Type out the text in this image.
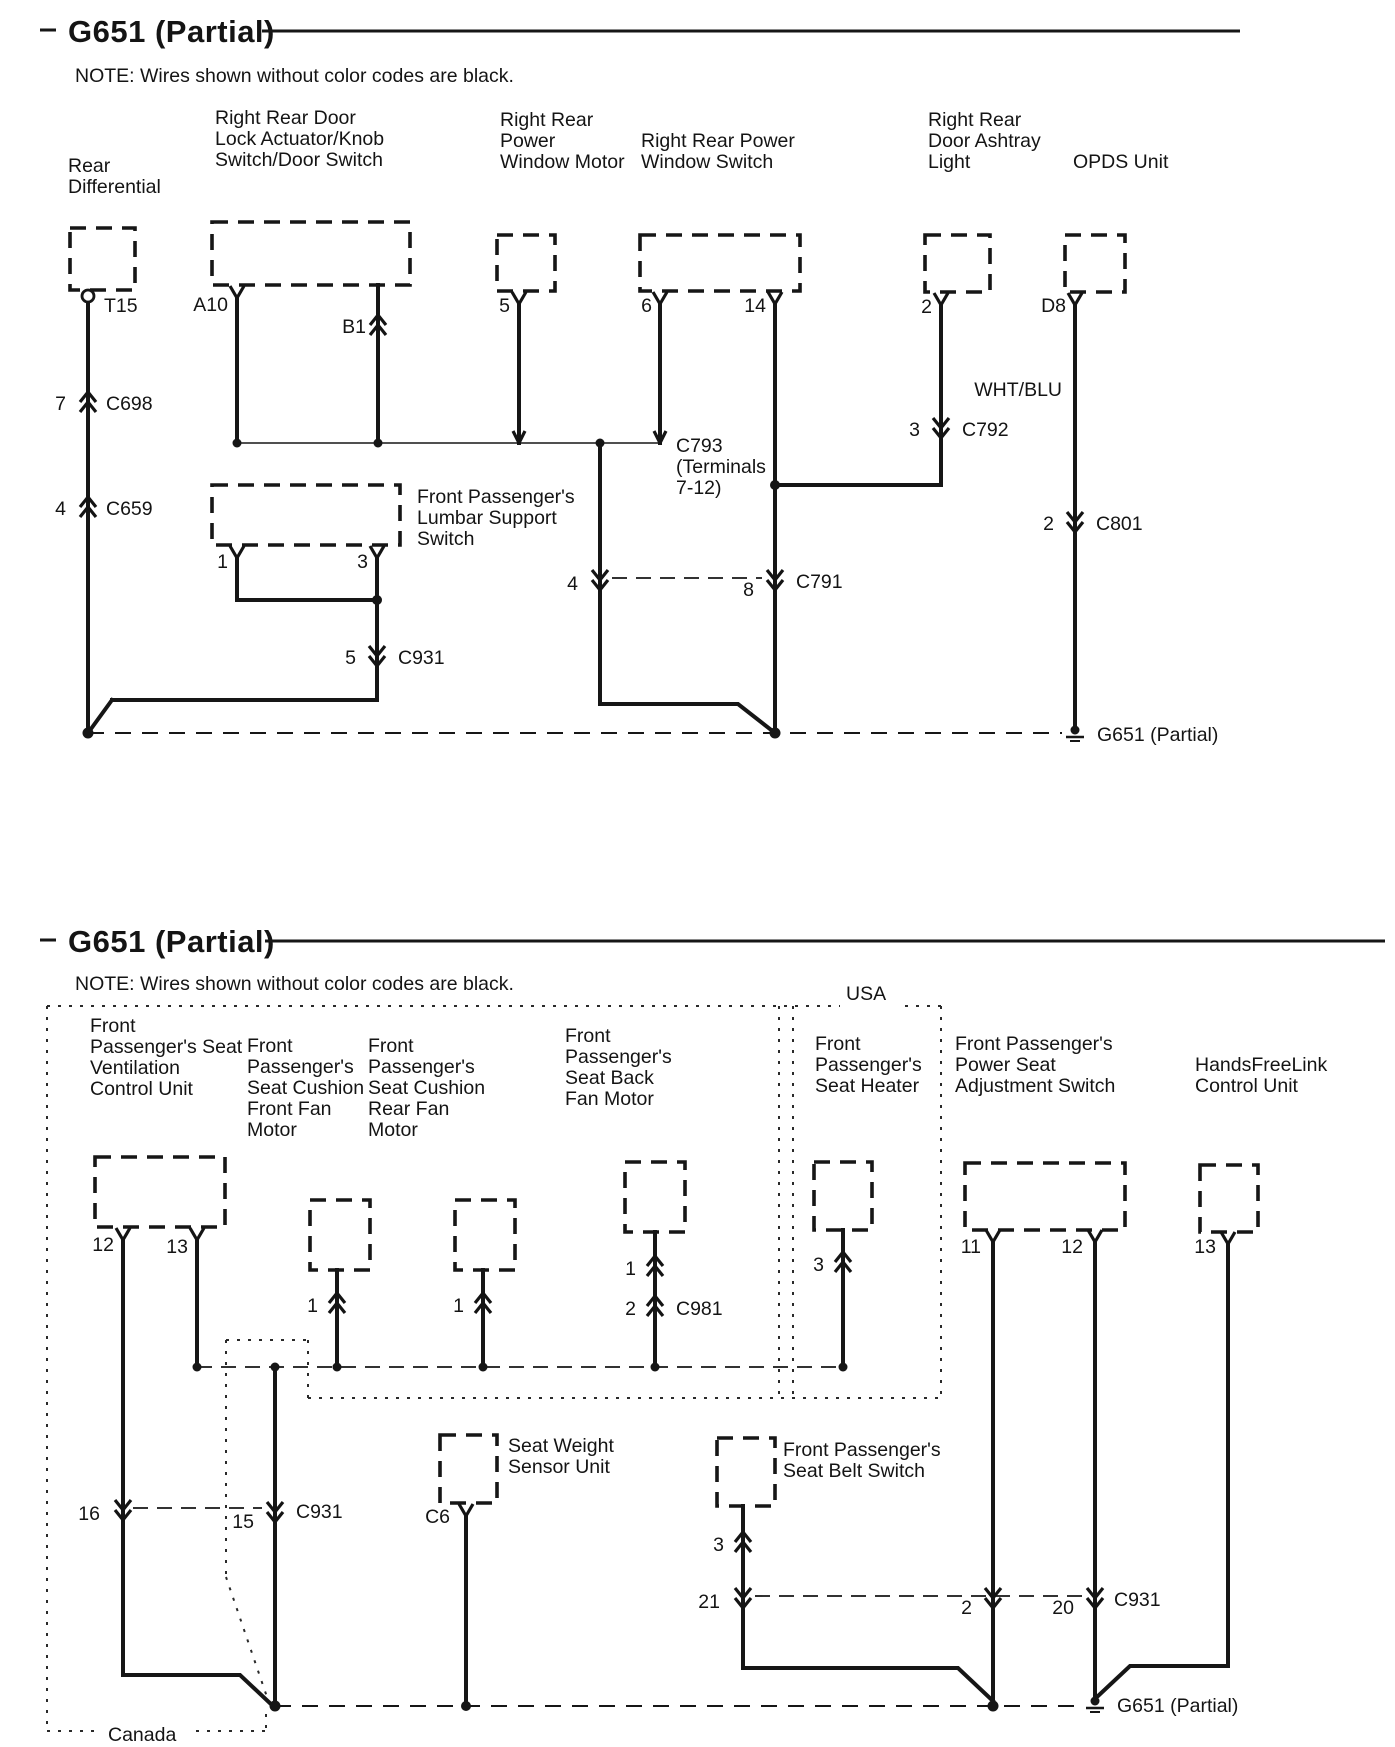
G651 (Partial)
NOTE: Wires shown without color codes are black.
Rear
Differential
Right Rear Door
Lock Actuator/Knob
Switch/Door Switch
Right Rear
Power
Window Motor
Right Rear Power
Window Switch
Right Rear
Door Ashtray
Light	OPDS Unit
Front Passenger's
Lumbar Support
Switch
T15	A10
B1
5	6	14	2	D8
1	3
7 C698
4 C659
3 C792
C793
(Terminals
7-12)
4	8 C791
5 C931
2 C801
WHT/BLU
G651 (Partial)
G651 (Partial)
NOTE: Wires shown without color codes are black.	USA
Canada
Front
Passenger's Seat
Ventilation
Control Unit
Front
Passenger's
Seat Cushion
Front Fan
Motor
Front
Passenger's
Seat Cushion
Rear Fan
Motor
Front
Passenger's
Seat Back
Fan Motor
Front
Passenger's
Seat Heater
Front Passenger's
Power Seat
Adjustment Switch
HandsFreeLink
Control Unit
Seat Weight
Sensor Unit
Front Passenger's
Seat Belt Switch
12	13
1	1
1
2 C981
3
11	12	13
C6
3
21
16	15 C931
2	20 C931
G651 (Partial)
